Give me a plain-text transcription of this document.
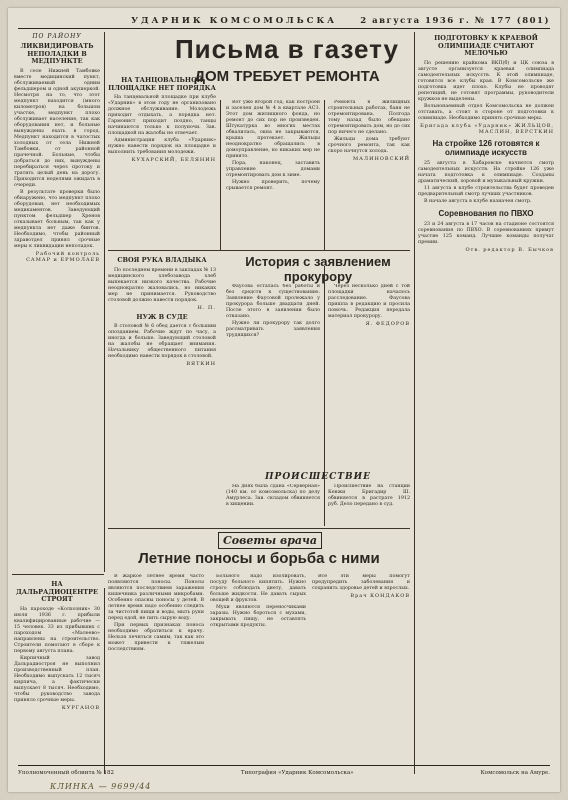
УДАРНИК КОМСОМОЛЬСКА	2 августа 1936 г. № 177 (801)
ПО РАЙОНУ
ЛИКВИДИРОВАТЬ НЕПОЛАДКИ В МЕДПУНКТЕ

В селе Нижней Тамбовке вместе медицинский пункт, обслуживаемый одним фельдшером и одной акушеркой. Несмотря на то, что этот медпункт находится (много километров) на большом участке, медпункт плохо обслуживает население, так как оборудования нет, и больные вынуждены ехать в город. Медпункт находится в чатостых холодных от села Нижней Тамбовки, от районной прачечной. Больные, чтобы добраться до них, вынуждены перебираться через протоку и тратить целый день на дорогу. Приходится неделями ожидать в очереди.

В результате проверки было обнаружено, что медпункт плохо оборудован, нет необходимых медикаментов. Заведующий пунктом фельдшер Хренов отказывает больным, так как у медпункта нет даже бинтов. Необходимо, чтобы районный здравотдел принял срочные меры к ликвидации неполадок.

Рабочий контроль САМАР и ЕРМОЛАЕВ
НА ДАЛЬРАДИОЦЕНТРЕ СТРОЯТ

На пароходе «Колхозник» 30 июля 1936 г. прибыли квалифицированные рабочие — 15 человек. 33 из прибывших с пароходом «Малеево» направлены на строительство. Строители помогают в сборе к первому августа плана.

Кирпичный завод Дальрадиостроя не выполнил производственный план. Необходимо выпускать 12 тысяч кирпича, а фактически выпускает 8 тысяч. Необходимо, чтобы руководство завода приняло срочные меры.

КУРГАНОВ
Письма в газету
ДОМ ТРЕБУЕТ РЕМОНТА
НА ТАНЦОВАЛЬНОЙ ПЛОЩАДКЕ НЕТ ПОРЯДКА

На танцевальной площадке при клубе «Ударник» в этом году не организовано должное обслуживание. Молодежь приходит отдыхать, а порядка нет. Гармонист приходит поздно, танцы начинаются только к полуночи. Зав. площадкой на жалобы не отвечает.

Администрации клуба «Ударник» нужно навести порядок на площадке и выполнить требования молодежи.

КУХАРСКИЙ, БЕЛЯНИН
СВОЯ РУКА ВЛАДЫКА

По последнем времени в закладах № 13 медицинского хлебозавода хлеб выпекается низкого качества. Рабочие неоднократно жаловались, но никаких мер не принимается. Руководство столовой должно навести порядок.

Н. П.
НУЖ В СУДЕ

В столовой № 6 обед дается с большим опозданием. Рабочие ждут по часу, а иногда и больше. Заведующий столовой на жалобы не обращает внимания. Начальнику общественного питания необходимо навести порядок в столовой.

ВЯТКИН

Вот уже второй год, как построен и заселен дом № 4 в квартале АСЗ. Этот дом жилищного фонда, но ремонт до сих пор не произведен. Штукатурка во многих местах обвалилась, окна не закрываются, крыша протекает. Жильцы неоднократно обращались в домоуправление, но никаких мер не принято.

Пора, наконец, заставить управление домами отремонтировать дом к зиме.

Нужно проверить, почему срывается ремонт.

История с заявлением прокурору

Фаусова осталась без работы и без средств к существованию. Заявление Фаусовой пролежало у прокурора больше двадцати дней. После этого в заявлении было отказано.

Нужно ли прокурору так долго рассматривать заявления трудящихся?

ПРОИСШЕСТВИЕ

На днях была сдана «Серверная» (140 км. от комсомольска) по делу Амурлеса. Зав. складом обвиняется в хищении.

Ремонта в жилищных строительных работах, баня не отремонтирована. Полгода тому назад было обещано отремонтировать дом, но до сих пор ничего не сделано.

Жильцы дома требуют срочного ремонта, так как скоро начнутся холода.

МАЛИНОВСКИЙ

Через несколько дней с той площадки началось расследование. Фаусова пришла в редакцию и просила помочь. Редакция передала материал прокурору.

Я. ФЕДОРОВ

Происшествие на станции Кенжи Бригадир Ш. обвиняется в растрате 1912 руб. Дело передано в суд.

Советы врача
Летние поносы и борьба с ними

В жаркое летнее время часто появляются поносы. Поносы являются последствием заражения кишечника различными микробами. Особенно опасны поносы у детей. В летнее время надо особенно следить за чистотой пищи и воды, мыть руки перед едой, не пить сырую воду.

При первых признаках поноса необходимо обратиться к врачу. Нельзя лечиться самим, так как это может привести к тяжелым последствиям.

Больного надо изолировать, посуду больного кипятить. Нужно строго соблюдать диету, давать больше жидкости. Не давать сырых овощей и фруктов.

Мухи являются переносчиками заразы. Нужно бороться с мухами, закрывать пищу, не оставлять открытыми продукты.

Все эти меры помогут предупредить заболевания и сохранить здоровье детей и взрослых.

Врач КОНДАКОВ
ПОДГОТОВКУ К КРАЕВОЙ ОЛИМПИАДЕ СЧИТАЮТ МЕЛОЧЬЮ

По решению крайкома ВКП(б) и ЦК союза в августе организуется краевая олимпиада самодеятельных искусств. К этой олимпиаде, готовятся все клубы края. В Комсомольске же подготовка идет плохо. Клубы не проводят репетиций, не готовят программы, руководители кружков не выделены.

Вольнонаемный отдел Комсомольска не должен отставать, а стоит в стороне от подготовки к олимпиаде. Необходимо принять срочные меры.

Бригада клуба «Ударник» ЖИЛЬЦОВ, МАСЛИН, ВЕРСТКИН
На стройке 126 готовятся к олимпиаде искусств

25 августа в Хабаровске начнется смотр самодеятельных искусств. На стройке 126 уже начата подготовка к олимпиаде. Созданы драматический, хоровой и музыкальный кружки.

11 августа в клубе строительства будет проведен предварительный смотр лучших участников.

В начале августа в клубе назначен смотр.

Соревнования по ПВХО

23 и 24 августа в 17 часов на стадионе состоятся соревнования по ПВХО. В соревнованиях примут участие 125 команд. Лучшие команды получат премии.

Отв. редактор В. Бычков
Уполномоченный облиита № 182	Типография «Ударник Комсомольска»	Комсомольск на Амуре.
КЛИНКА — 9699/44
